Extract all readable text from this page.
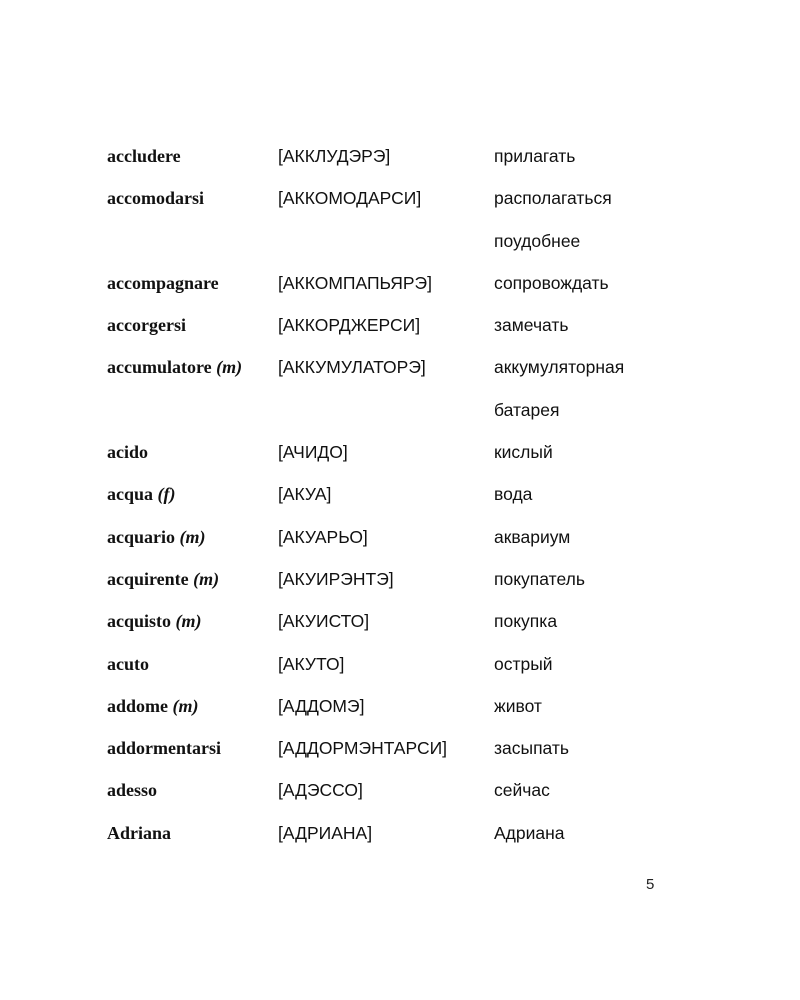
accludere	[АККЛУДЭРЭ]	прилагать
accomodarsi	[АККОМОДАРСИ]	располагаться
поудобнее
accompagnare	[АККОМПАПЬЯРЭ]	сопровождать
accorgersi	[АККОРДЖЕРСИ]	замечать
accumulatore (m) [АККУМУЛАТОРЭ]	аккумуляторная
батарея
acido	[АЧИДО]	кислый
acqua (f)	[АКУА]	вода
acquario (m)	[АКУАРЬО]	аквариум
acquirente (m)	[АКУИРЭНТЭ]	покупатель
acquisto (m)	[АКУИСТО]	покупка
acuto	[АКУТО]	острый
addome (m)	[АДДОМЭ]	живот
addormentarsi	[АДДОРМЭНТАРСИ]	засыпать
adesso	[АДЭССО]	сейчас
Adriana	[АДРИАНА]	Адриана
5
